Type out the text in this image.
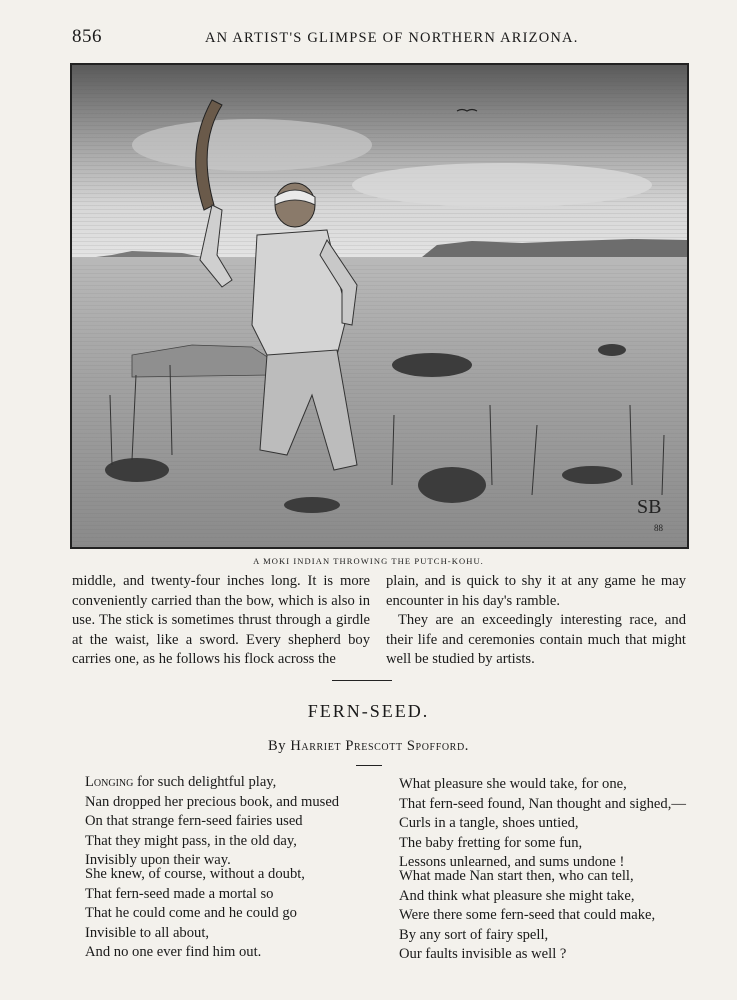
856	AN ARTIST'S GLIMPSE OF NORTHERN ARIZONA.
SB
88
A MOKI INDIAN THROWING THE PUTCH-KOHU.

middle, and twenty-four inches long. It is more conveniently carried than the bow, which is also in use. The stick is sometimes thrust through a girdle at the waist, like a sword. Every shepherd boy carries one, as he follows his flock across the

plain, and is quick to shy it at any game he may encounter in his day's ramble.

They are an exceedingly interesting race, and their life and ceremonies contain much that might well be studied by artists.

FERN-SEED.
By Harriet Prescott Spofford.
Longing for such delightful play,
Nan dropped her precious book, and mused
On that strange fern-seed fairies used
That they might pass, in the old day,
Invisibly upon their way.
She knew, of course, without a doubt,
That fern-seed made a mortal so
That he could come and he could go
Invisible to all about,
And no one ever find him out.
What pleasure she would take, for one,
That fern-seed found, Nan thought and sighed,—
Curls in a tangle, shoes untied,
The baby fretting for some fun,
Lessons unlearned, and sums undone !
What made Nan start then, who can tell,
And think what pleasure she might take,
Were there some fern-seed that could make,
By any sort of fairy spell,
Our faults invisible as well ?
